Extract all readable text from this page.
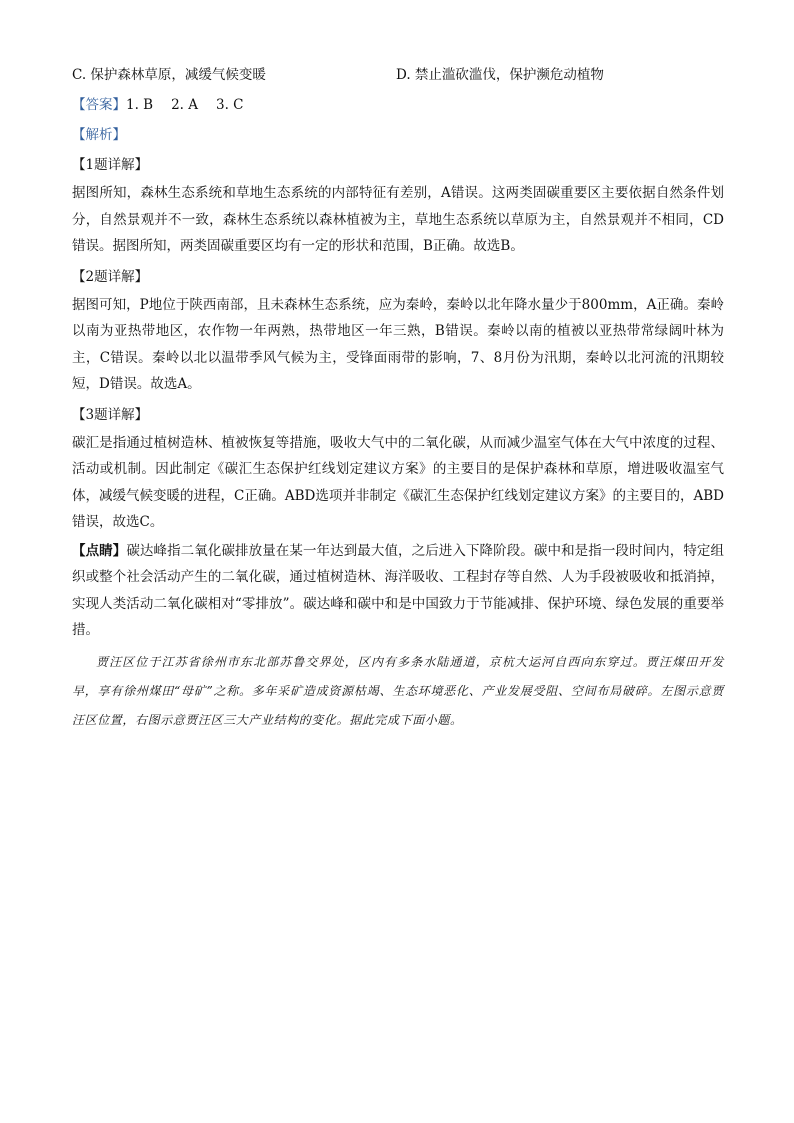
C. 保护森林草原，减缓气候变暖	D. 禁止滥砍滥伐，保护濒危动植物
【答案】1. B 2. A 3. C
【解析】
【1题详解】
据图所知，森林生态系统和草地生态系统的内部特征有差别，A错误。这两类固碳重要区主要依据自然条件划分，自然景观并不一致，森林生态系统以森林植被为主，草地生态系统以草原为主，自然景观并不相同，CD错误。据图所知，两类固碳重要区均有一定的形状和范围，B正确。故选B。
【2题详解】
据图可知，P地位于陕西南部，且未森林生态系统，应为秦岭，秦岭以北年降水量少于800mm，A正确。秦岭以南为亚热带地区，农作物一年两熟，热带地区一年三熟，B错误。秦岭以南的植被以亚热带常绿阔叶林为主，C错误。秦岭以北以温带季风气候为主，受锋面雨带的影响，7、8月份为汛期，秦岭以北河流的汛期较短，D错误。故选A。
【3题详解】
碳汇是指通过植树造林、植被恢复等措施，吸收大气中的二氧化碳，从而减少温室气体在大气中浓度的过程、活动或机制。因此制定《碳汇生态保护红线划定建议方案》的主要目的是保护森林和草原，增进吸收温室气体，减缓气候变暖的进程，C正确。ABD选项并非制定《碳汇生态保护红线划定建议方案》的主要目的，ABD错误，故选C。
【点睛】碳达峰指二氧化碳排放量在某一年达到最大值，之后进入下降阶段。碳中和是指一段时间内，特定组织或整个社会活动产生的二氧化碳，通过植树造林、海洋吸收、工程封存等自然、人为手段被吸收和抵消掉，实现人类活动二氧化碳相对“零排放”。碳达峰和碳中和是中国致力于节能减排、保护环境、绿色发展的重要举措。
贾汪区位于江苏省徐州市东北部苏鲁交界处，区内有多条水陆通道，京杭大运河自西向东穿过。贾汪煤田开发早，享有徐州煤田“母矿”之称。多年采矿造成资源枯竭、生态环境恶化、产业发展受阻、空间布局破碎。左图示意贾汪区位置，右图示意贾汪区三大产业结构的变化。据此完成下面小题。
